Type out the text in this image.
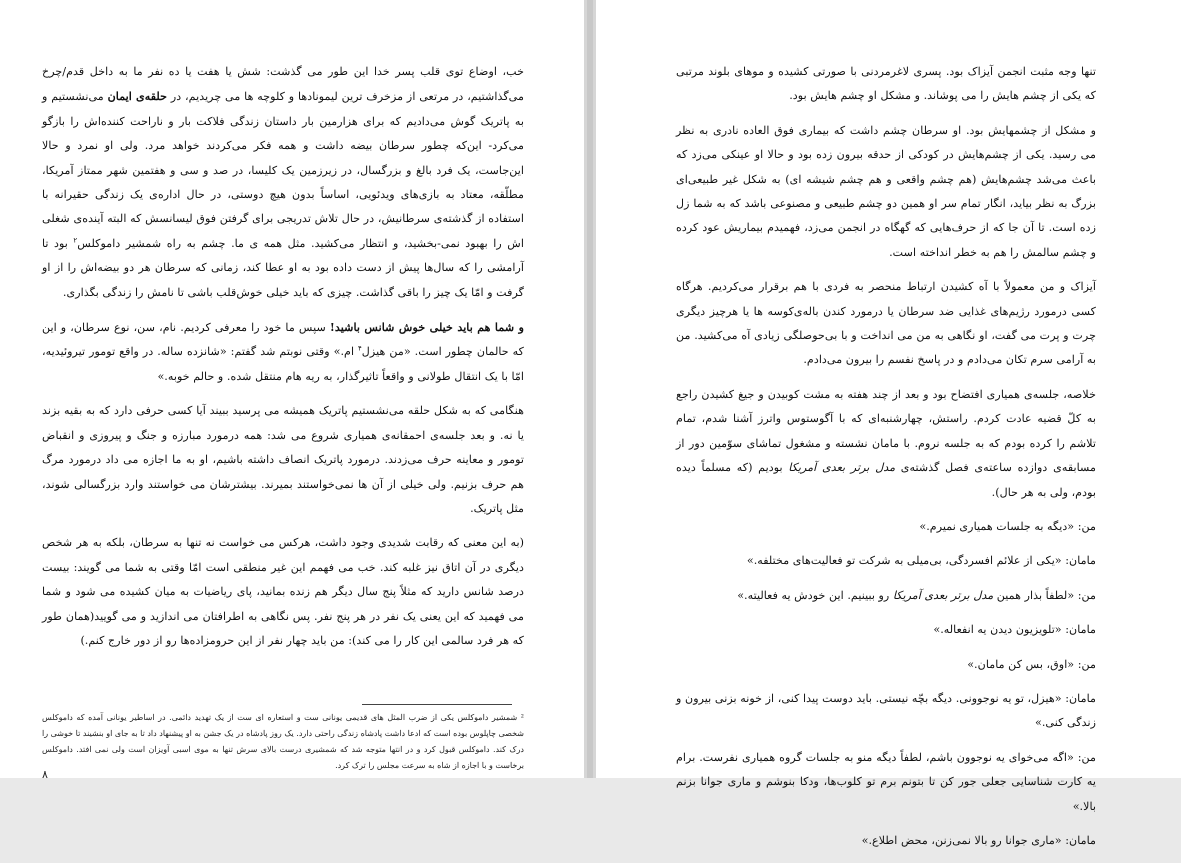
خب، اوضاع توی قلب پسر خدا این طور می گذشت: شش یا هفت یا ده نفر ما به داخل قدم/چرخ می‌گذاشتیم، در مرتعی از مزخرف ترین لیموناد‌ها و کلوچه ها می چریدیم، در حلقه‌ی ایمان می‌نشستیم و به پاتریک گوش می‌دادیم که برای هزارمین بار داستان زندگی فلاکت بار و ناراحت کننده‌اش را بازگو می‌کرد- این‌که چطور سرطان بیضه داشت و همه فکر می‌کردند خواهد مرد. ولی او نمرد و حالا این‌جاست، یک فرد بالغ و بزرگسال، در زیرزمین یک کلیسا، در صد و سی و هفتمین شهر ممتاز آمریکا، مطلّقه، معتاد به بازی‌های ویدئویی، اساساً بدون هیچ دوستی، در حال اداره‌ی یک زندگی حقیرانه با استفاده از گذشته‌ی سرطانیش، در حال تلاش تدریجی برای گرفتن فوق لیسانسش که البته آینده‌ی شغلی اش را بهبود نمی-بخشید، و انتظار می‌کشید. مثل همه ی ما. چشم به راه شمشیر داموکلس$^۲$ بود تا آرامشی را که سال‌ها پیش از دست داده بود به او عطا کند، زمانی که سرطان هر دو بیضه‌اش را از او گرفت و امّا یک چیز را باقی گذاشت. چیزی که باید خیلی خوش‌قلب باشی تا نامش را زندگی بگذاری.

و شما هم باید خیلی خوش شانس باشید! سپس ما خود را معرفی کردیم. نام، سن، نوع سرطان، و این که حالمان چطور است. «من هیزل$^۴$ ام.» وقتی نوبتم شد گفتم: «شانزده ساله. در واقع تومور تیروئیدیه، امّا با یک انتقال طولانی و واقعاً تاثیرگذار، به ریه هام منتقل شده. و حالم خوبه.»

هنگامی که به شکل حلقه می‌نشستیم پاتریک همیشه می پرسید ببیند آیا کسی حرفی دارد که به بقیه بزند یا نه. و بعد جلسه‌ی احمقانه‌ی همیاری شروع می شد: همه درمورد مبارزه و جنگ و پیروزی و انقباض تومور و معاینه حرف می‌زدند. درمورد پاتریک انصاف داشته باشیم، او به ما اجازه می داد درمورد مرگ هم حرف بزنیم. ولی خیلی از آن ها نمی‌خواستند بمیرند. بیشترشان می خواستند وارد بزرگسالی شوند، مثل پاتریک.

(به این معنی که رقابت شدیدی وجود داشت، هرکس می خواست نه تنها به سرطان، بلکه به هر شخص دیگری در آن اتاق نیز غلبه کند. خب می فهمم این غیر منطقی است امّا وقتی به شما می گویند: بیست درصد شانس دارید که مثلاً پنج سال دیگر هم زنده بمانید، پای ریاضیات به میان کشیده می شود و شما می فهمید که این یعنی یک نفر در هر پنج نفر. پس نگاهی به اطرافتان می اندازید و می گویید(همان طور که هر فرد سالمی این کار را می کند): من باید چهار نفر از این حرومزاده‌ها رو از دور خارج کنم.)

² شمشیر داموکلس یکی از ضرب المثل های قدیمی یونانی ست و استعاره ای ست از یک تهدید دائمی. در اساطیر یونانی آمده که داموکلس شخصی چاپلوس بوده است که ادعا داشت پادشاه زندگی راحتی دارد. یک روز پادشاه در یک جشن به او پیشنهاد داد تا به جای او بنشیند تا خوشی را درک کند. داموکلس قبول کرد و در انتها متوجه شد که شمشیری درست بالای سرش تنها به موی اسبی آویزان است ولی نمی افتد. داموکلس برخاست و با اجازه از شاه به سرعت مجلس را ترک کرد.
۸

تنها وجه مثبت انجمن آیزاک بود. پسری لاغرمردنی با صورتی کشیده و موهای بلوند مرتبی که یکی از چشم هایش را می پوشاند. و مشکل او چشم هایش بود.

و مشکل از چشمهایش بود. او سرطان چشم داشت که بیماری فوق العاده نادری به نظر می رسید. یکی از چشم‌هایش در کودکی از حدقه بیرون زده بود و حالا او عینکی می‌زد که باعث می‌شد چشم‌هایش (هم چشم واقعی و هم چشم شیشه ای) به شکل غیر طبیعی‌ای بزرگ به نظر بیاید، انگار تمام سر او همین دو چشم طبیعی و مصنوعی باشد که به شما زل زده است. تا آن جا که از حرف‌هایی که گهگاه در انجمن می‌زد، فهمیدم بیماریش عود کرده و چشم سالمش را هم به خطر انداخته است.

آیزاک و من معمولاً با آه کشیدن ارتباط منحصر به فردی با هم برقرار می‌کردیم. هرگاه کسی درمورد رژیم‌های غذایی ضد سرطان یا درمورد کندن باله‌ی‌کوسه ها یا هرچیز دیگری چرت و پرت می گفت، او نگاهی به من می انداخت و با بی‌حوصلگی زیادی آه می‌کشید. من به آرامی سرم تکان می‌دادم و در پاسخ نفسم را بیرون می‌دادم.

خلاصه، جلسه‌ی همیاری افتضاح بود و بعد از چند هفته به مشت کوبیدن و جیغ کشیدن راجع به کلّ قضیه عادت کردم. راستش، چهارشنبه‌ای که با آگوستوس واترز آشنا شدم، تمام تلاشم را کرده بودم که به جلسه نروم. با مامان نشسته و مشغول تماشای سوّمین دور از مسابقه‌ی دوازده ساعته‌ی فصل گذشته‌ی مدل برتر بعدی آمریکا بودیم (که مسلماً دیده بودم، ولی به هر حال).

من: «دیگه به جلسات همیاری نمیرم.»

مامان: «یکی از علائم افسردگی، بی‌میلی به شرکت تو فعالیت‌های مختلفه.»

من: «لطفاً بذار همین مدل برتر بعدی آمریکا رو ببینیم. این خودش یه فعالیته.»

مامان: «تلویزیون دیدن یه انفعاله.»

من: «اوق، بس کن مامان.»

مامان: «هیزل، تو یه نوجوونی. دیگه بچّه نیستی. باید دوست پیدا کنی، از خونه بزنی بیرون و زندگی کنی.»

من: «اگه می‌خوای یه نوجوون باشم، لطفاً دیگه منو به جلسات گروه همیاری نفرست. برام یه کارت شناسایی جعلی جور کن تا بتونم برم تو کلوب‌ها، ودکا بنوشم و ماری جوانا بزنم بالا.»

مامان: «ماری جوانا رو بالا نمی‌زنن، محض اطلاع.»
